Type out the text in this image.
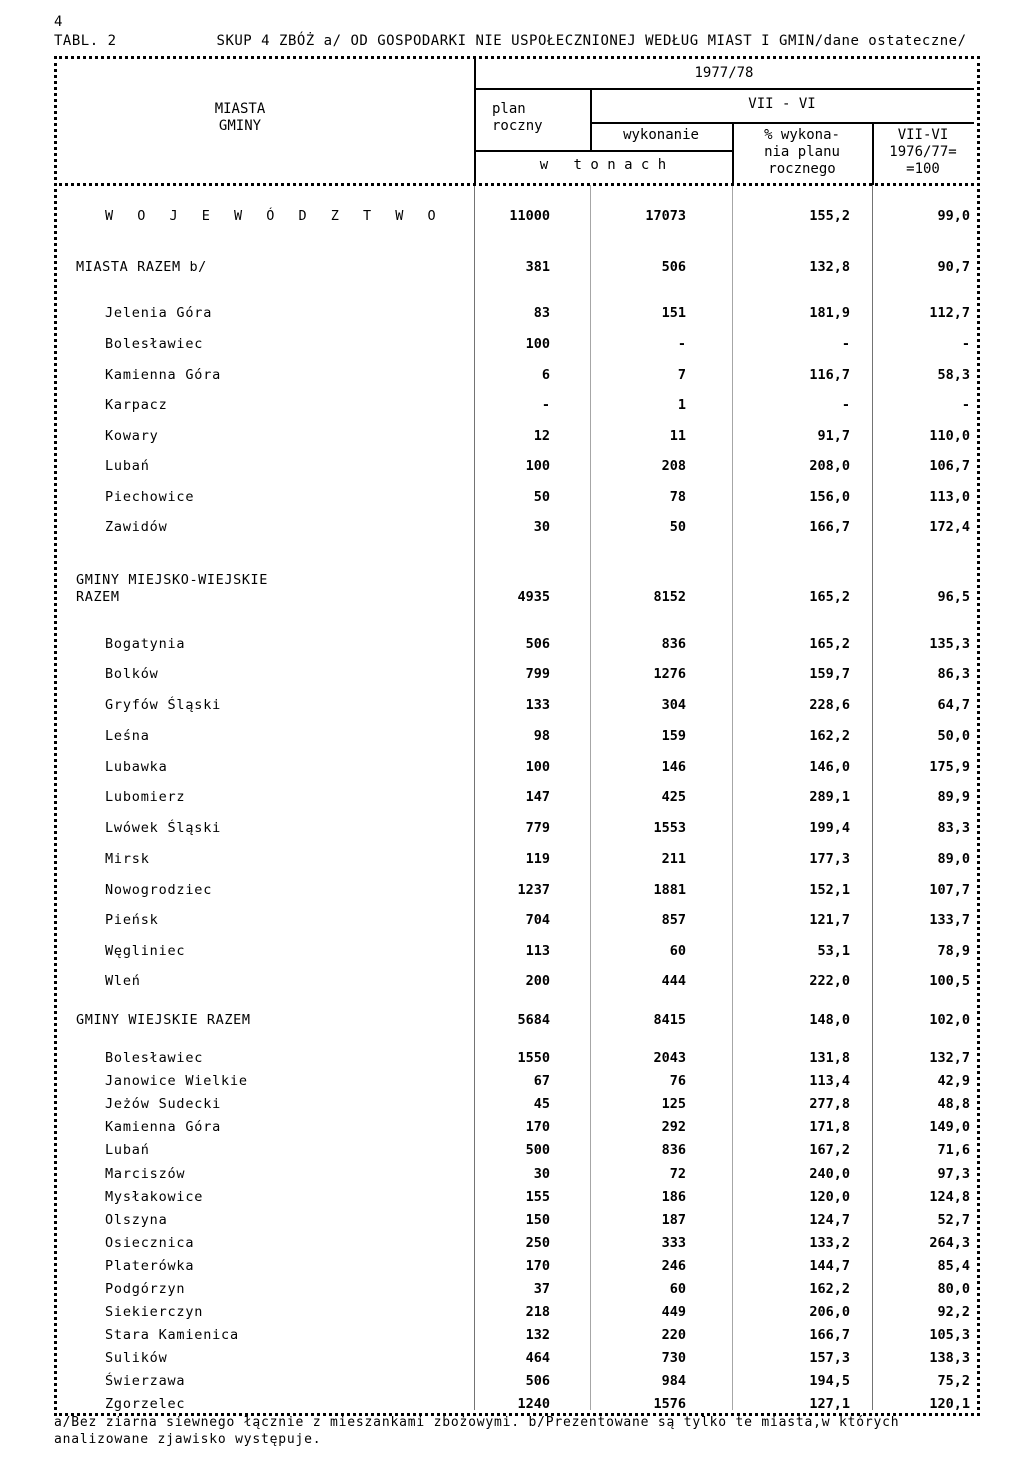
4
TABL. 2	SKUP 4 ZBÓŻ a/ OD GOSPODARKI NIE USPOŁECZNIONEJ WEDŁUG MIAST I GMIN/dane ostateczne/
MIASTA
GMINY
1977/78
plan
roczny
VII - VI
wykonanie	% wykona-
nia planu
rocznego
VII-VI
1976/77=
=100
w   t o n a c h
W O J E W Ó D Z T W O	11000	17073	155,2	99,0
MIASTA RAZEM b/	381	506	132,8	90,7
Jelenia Góra	83	151	181,9	112,7
Bolesławiec	100	-	-	-
Kamienna Góra	6	7	116,7	58,3
Karpacz	-	1	-	-
Kowary	12	11	91,7	110,0
Lubań	100	208	208,0	106,7
Piechowice	50	78	156,0	113,0
Zawidów	30	50	166,7	172,4
GMINY MIEJSKO-WIEJSKIE
RAZEM	4935	8152	165,2	96,5
Bogatynia	506	836	165,2	135,3
Bolków	799	1276	159,7	86,3
Gryfów Śląski	133	304	228,6	64,7
Leśna	98	159	162,2	50,0
Lubawka	100	146	146,0	175,9
Lubomierz	147	425	289,1	89,9
Lwówek Śląski	779	1553	199,4	83,3
Mirsk	119	211	177,3	89,0
Nowogrodziec	1237	1881	152,1	107,7
Pieńsk	704	857	121,7	133,7
Węgliniec	113	60	53,1	78,9
Wleń	200	444	222,0	100,5
GMINY WIEJSKIE RAZEM	5684	8415	148,0	102,0
Bolesławiec	1550	2043	131,8	132,7
Janowice Wielkie	67	76	113,4	42,9
Jeżów Sudecki	45	125	277,8	48,8
Kamienna Góra	170	292	171,8	149,0
Lubań	500	836	167,2	71,6
Marciszów	30	72	240,0	97,3
Mysłakowice	155	186	120,0	124,8
Olszyna	150	187	124,7	52,7
Osiecznica	250	333	133,2	264,3
Platerówka	170	246	144,7	85,4
Podgórzyn	37	60	162,2	80,0
Siekierczyn	218	449	206,0	92,2
Stara Kamienica	132	220	166,7	105,3
Sulików	464	730	157,3	138,3
Świerzawa	506	984	194,5	75,2
Zgorzelec	1240	1576	127,1	120,1
a/Bez ziarna siewnego łącznie z mieszankami zbożowymi. b/Prezentowane są tylko te miasta,w których analizowane zjawisko występuje.
